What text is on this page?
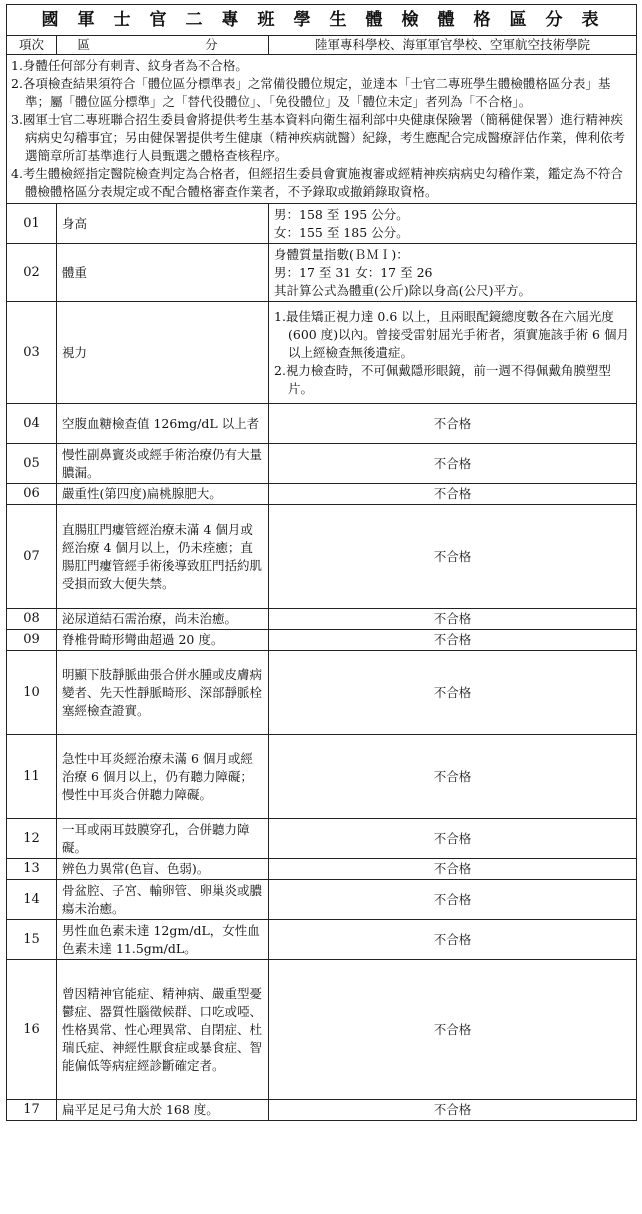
國軍士官二專班學生體檢體格區分表		
項次	區　　分	陸軍專科學校、海軍軍官學校、空軍航空技術學院

1.身體任何部分有刺青、紋身者為不合格。

2.各項檢查結果須符合「體位區分標準表」之常備役體位規定，並達本「士官二專班學生體檢體格區分表」基準；屬「體位區分標準」之「替代役體位」、「免役體位」及「體位未定」者列為「不合格」。

3.國軍士官二專班聯合招生委員會將提供考生基本資料向衛生福利部中央健康保險署（簡稱健保署）進行精神疾病病史勾稽事宜；另由健保署提供考生健康（精神疾病就醫）紀錄，考生應配合完成醫療評估作業，俾利依考選簡章所訂基準進行人員甄選之體格查核程序。

4.考生體檢經指定醫院檢查判定為合格者，但經招生委員會實施複審或經精神疾病病史勾稽作業，鑑定為不符合體檢體格區分表規定或不配合體格審查作業者，不予錄取或撤銷錄取資格。		

01	身高	男：158 至 195 公分。

女：155 至 185 公分。

02	體重	身體質量指數(ＢＭＩ)：

男：17 至 31 女：17 至 26

其計算公式為體重(公斤)除以身高(公尺)平方。

03	視力	1.最佳矯正視力達 0.6 以上，且兩眼配鏡總度數各在六屆光度(600 度)以內。曾接受雷射屈光手術者，須實施該手術 6 個月以上經檢查無後遺症。

2.視力檢查時，不可佩戴隱形眼鏡，前一週不得佩戴角膜塑型片。

04	空腹血糖檢查值 126mg/dL 以上者	不合格
05	慢性副鼻竇炎或經手術治療仍有大量膿漏。	不合格
06	嚴重性(第四度)扁桃腺肥大。	不合格
07	直腸肛門瘻管經治療未滿 4 個月或經治療 4 個月以上，仍未痊癒；直腸肛門瘻管經手術後導致肛門括約肌受損而致大便失禁。	不合格
08	泌尿道結石需治療，尚未治癒。	不合格
09	脊椎骨畸形彎曲超過 20 度。	不合格
10	明顯下肢靜脈曲張合併水腫或皮膚病變者、先天性靜脈畸形、深部靜脈栓塞經檢查證實。	不合格
11	急性中耳炎經治療未滿 6 個月或經治療 6 個月以上，仍有聽力障礙；慢性中耳炎合併聽力障礙。	不合格
12	一耳或兩耳鼓膜穿孔，合併聽力障礙。	不合格
13	辨色力異常(色盲、色弱)。	不合格
14	骨盆腔、子宮、輸卵管、卵巢炎或膿瘍未治癒。	不合格
15	男性血色素未達 12gm/dL，女性血色素未達 11.5gm/dL。	不合格
16	曾因精神官能症、精神病、嚴重型憂鬱症、器質性腦徵候群、口吃或啞、性格異常、性心理異常、自閉症、杜瑞氏症、神經性厭食症或暴食症、智能偏低等病症經診斷確定者。	不合格
17	扁平足足弓角大於 168 度。	不合格
